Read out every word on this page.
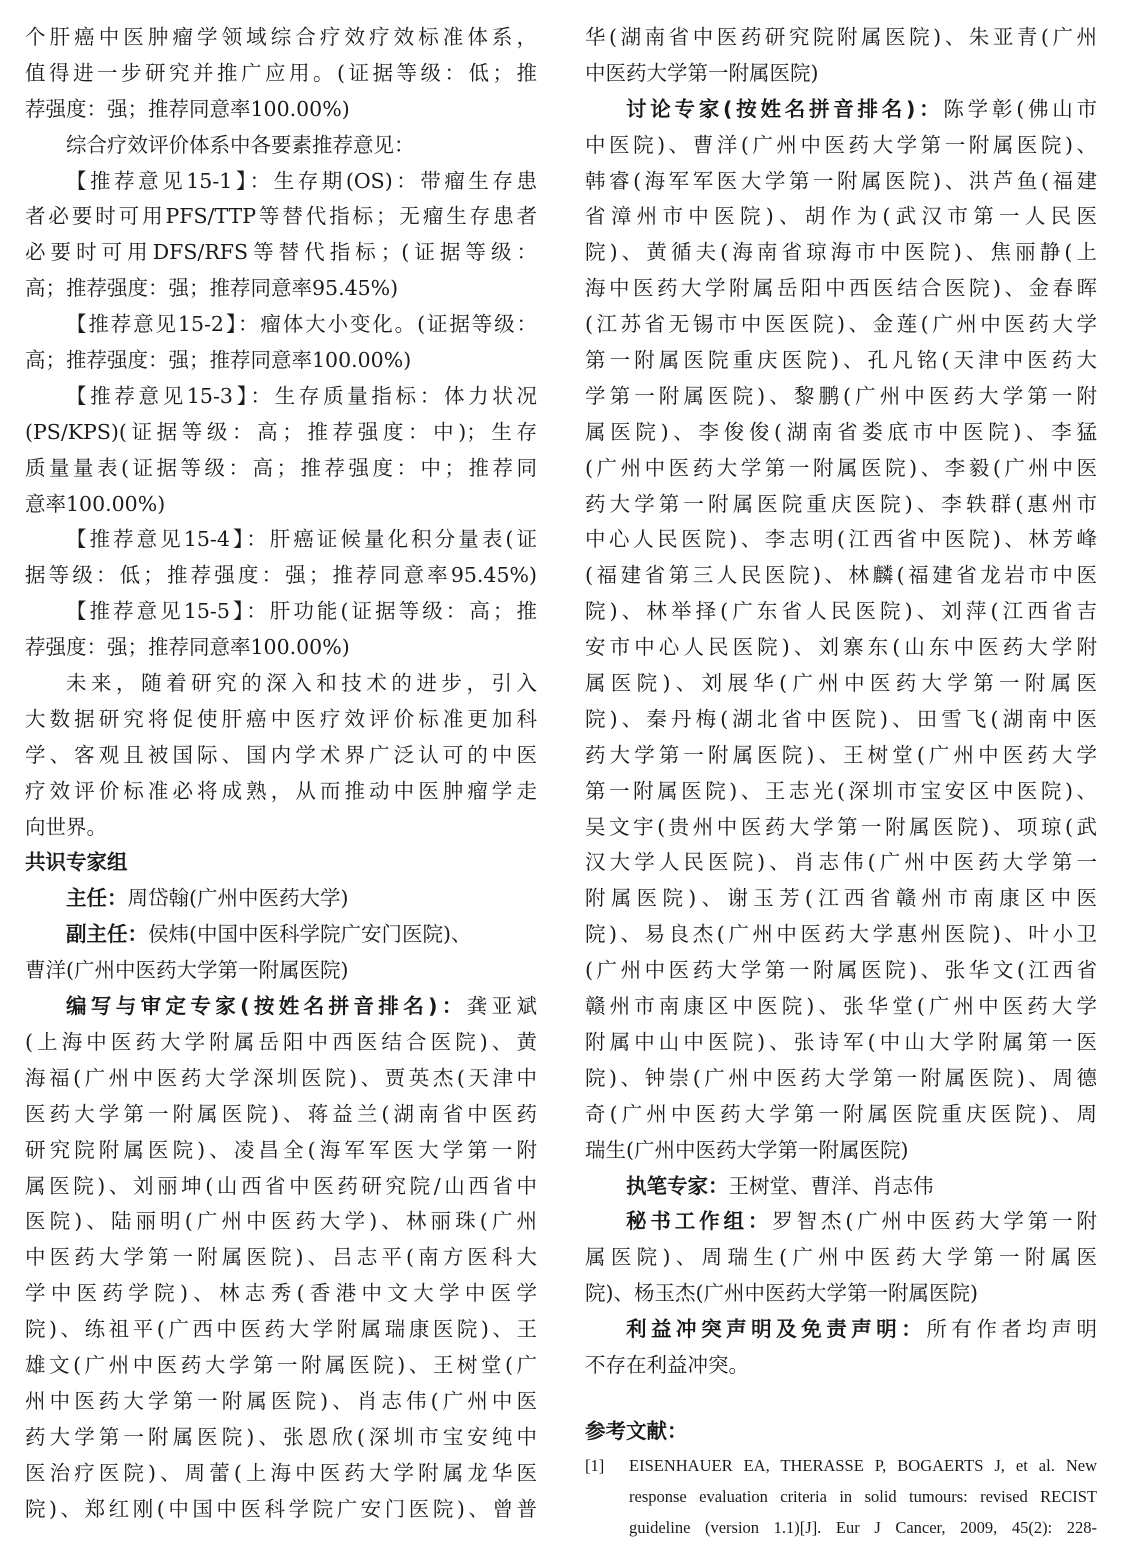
个肝癌中医肿瘤学领域综合疗效疗效标准体系，
值得进一步研究并推广应用。(证据等级：低；推
荐强度：强；推荐同意率100.00%)
综合疗效评价体系中各要素推荐意见：
【推荐意见15-1】：生存期(OS)：带瘤生存患
者必要时可用PFS/TTP等替代指标；无瘤生存患者
必要时可用DFS/RFS等替代指标；(证据等级：
高；推荐强度：强；推荐同意率95.45%)
【推荐意见15-2】：瘤体大小变化。(证据等级：
高；推荐强度：强；推荐同意率100.00%)
【推荐意见15-3】：生存质量指标：体力状况
(PS/KPS)(证据等级：高；推荐强度：中)；生存
质量量表(证据等级：高；推荐强度：中；推荐同
意率100.00%)
【推荐意见15-4】：肝癌证候量化积分量表(证
据等级：低；推荐强度：强；推荐同意率95.45%)
【推荐意见15-5】：肝功能(证据等级：高；推
荐强度：强；推荐同意率100.00%)
未来，随着研究的深入和技术的进步，引入
大数据研究将促使肝癌中医疗效评价标准更加科
学、客观且被国际、国内学术界广泛认可的中医
疗效评价标准必将成熟，从而推动中医肿瘤学走
向世界。
共识专家组
主任：周岱翰(广州中医药大学)
副主任：侯炜(中国中医科学院广安门医院)、
曹洋(广州中医药大学第一附属医院)
编写与审定专家(按姓名拼音排名)：龚亚斌
(上海中医药大学附属岳阳中西医结合医院)、黄
海福(广州中医药大学深圳医院)、贾英杰(天津中
医药大学第一附属医院)、蒋益兰(湖南省中医药
研究院附属医院)、凌昌全(海军军医大学第一附
属医院)、刘丽坤(山西省中医药研究院/山西省中
医院)、陆丽明(广州中医药大学)、林丽珠(广州
中医药大学第一附属医院)、吕志平(南方医科大
学中医药学院)、林志秀(香港中文大学中医学
院)、练祖平(广西中医药大学附属瑞康医院)、王
雄文(广州中医药大学第一附属医院)、王树堂(广
州中医药大学第一附属医院)、肖志伟(广州中医
药大学第一附属医院)、张恩欣(深圳市宝安纯中
医治疗医院)、周蕾(上海中医药大学附属龙华医
院)、郑红刚(中国中医科学院广安门医院)、曾普
华(湖南省中医药研究院附属医院)、朱亚青(广州
中医药大学第一附属医院)
讨论专家(按姓名拼音排名)：陈学彰(佛山市
中医院)、曹洋(广州中医药大学第一附属医院)、
韩睿(海军军医大学第一附属医院)、洪芦鱼(福建
省漳州市中医院)、胡作为(武汉市第一人民医
院)、黄循夫(海南省琼海市中医院)、焦丽静(上
海中医药大学附属岳阳中西医结合医院)、金春晖
(江苏省无锡市中医医院)、金莲(广州中医药大学
第一附属医院重庆医院)、孔凡铭(天津中医药大
学第一附属医院)、黎鹏(广州中医药大学第一附
属医院)、李俊俊(湖南省娄底市中医院)、李猛
(广州中医药大学第一附属医院)、李毅(广州中医
药大学第一附属医院重庆医院)、李轶群(惠州市
中心人民医院)、李志明(江西省中医院)、林芳峰
(福建省第三人民医院)、林麟(福建省龙岩市中医
院)、林举择(广东省人民医院)、刘萍(江西省吉
安市中心人民医院)、刘寨东(山东中医药大学附
属医院)、刘展华(广州中医药大学第一附属医
院)、秦丹梅(湖北省中医院)、田雪飞(湖南中医
药大学第一附属医院)、王树堂(广州中医药大学
第一附属医院)、王志光(深圳市宝安区中医院)、
吴文宇(贵州中医药大学第一附属医院)、项琼(武
汉大学人民医院)、肖志伟(广州中医药大学第一
附属医院)、谢玉芳(江西省赣州市南康区中医
院)、易良杰(广州中医药大学惠州医院)、叶小卫
(广州中医药大学第一附属医院)、张华文(江西省
赣州市南康区中医院)、张华堂(广州中医药大学
附属中山中医院)、张诗军(中山大学附属第一医
院)、钟崇(广州中医药大学第一附属医院)、周德
奇(广州中医药大学第一附属医院重庆医院)、周
瑞生(广州中医药大学第一附属医院)
执笔专家：王树堂、曹洋、肖志伟
秘书工作组：罗智杰(广州中医药大学第一附
属医院)、周瑞生(广州中医药大学第一附属医
院)、杨玉杰(广州中医药大学第一附属医院)
利益冲突声明及免责声明：所有作者均声明
不存在利益冲突。
参考文献：
[1] EISENHAUER EA, THERASSE P, BOGAERTS J, et al. New
response evaluation criteria in solid tumours: revised RECIST
guideline (version 1.1)[J]. Eur J Cancer, 2009, 45(2): 228-
